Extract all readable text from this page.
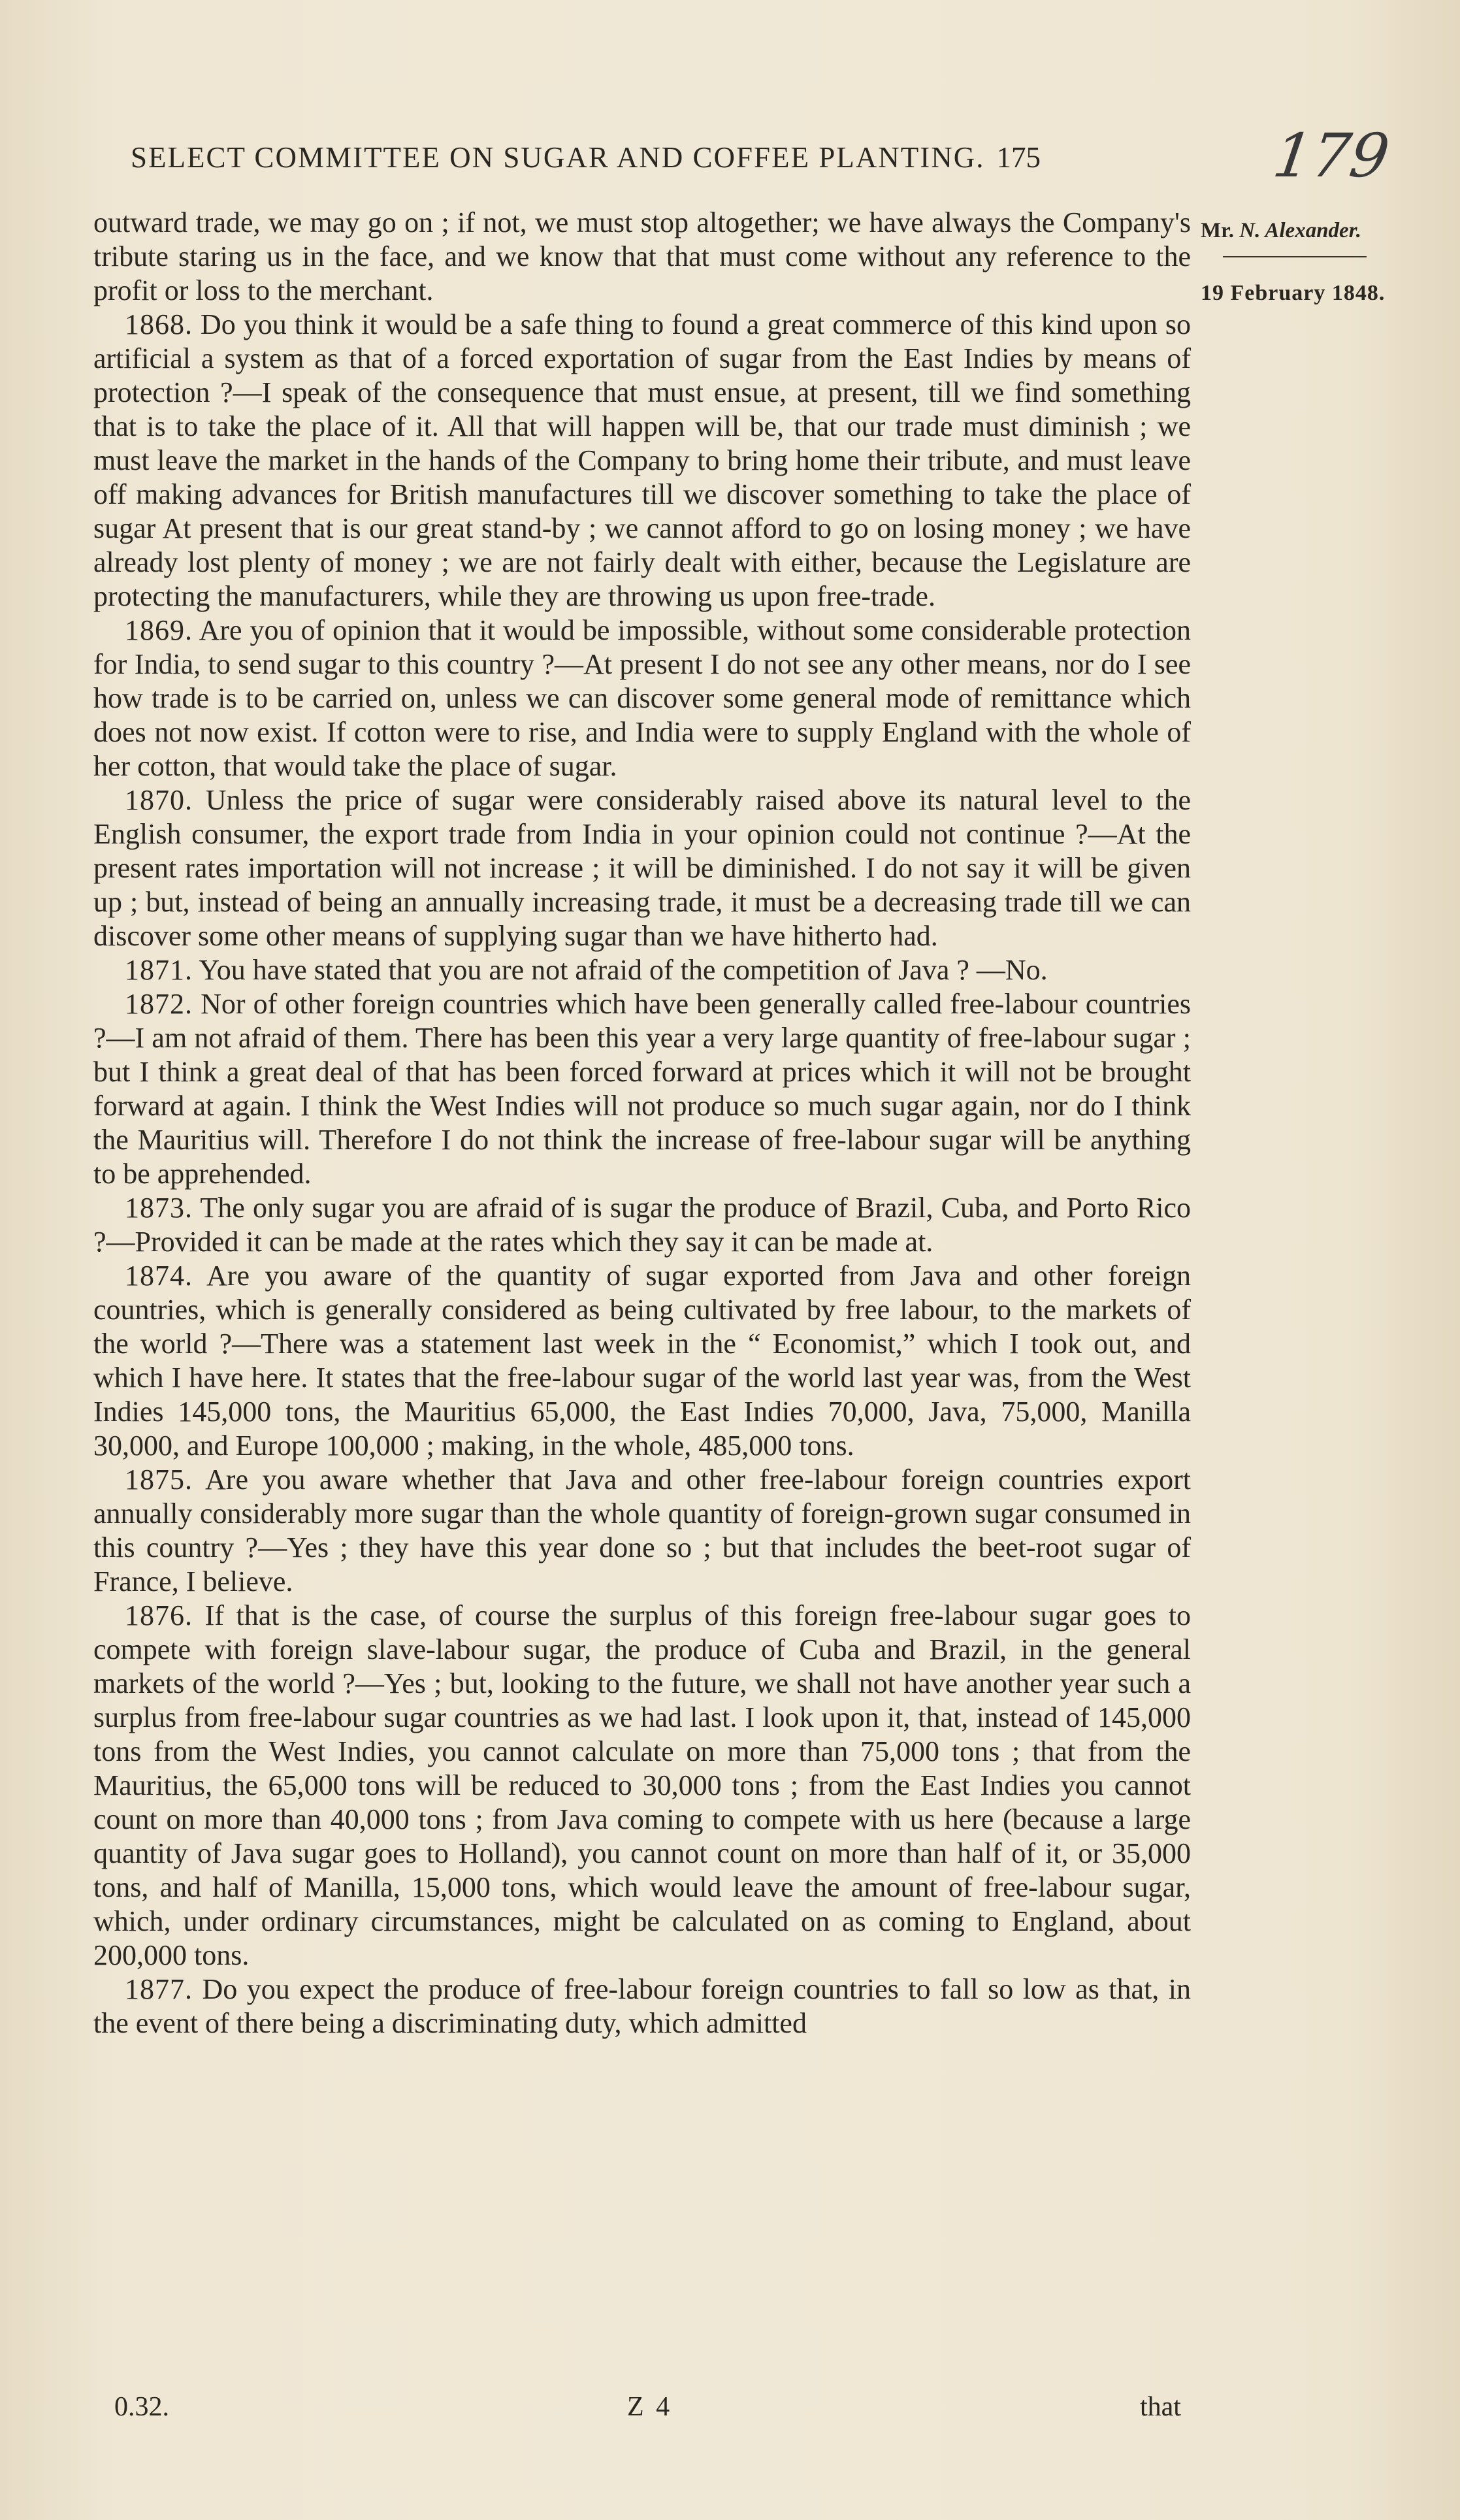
SELECT COMMITTEE ON SUGAR AND COFFEE PLANTING. 175	179
Mr. N. Alexander.
19 February 1848.

outward trade, we may go on ; if not, we must stop altogether; we have always the Company's tribute staring us in the face, and we know that that must come without any reference to the profit or loss to the merchant.

1868. Do you think it would be a safe thing to found a great commerce of this kind upon so artificial a system as that of a forced exportation of sugar from the East Indies by means of protection ?—I speak of the consequence that must ensue, at present, till we find something that is to take the place of it. All that will happen will be, that our trade must diminish ; we must leave the market in the hands of the Company to bring home their tribute, and must leave off making advances for British manufactures till we discover something to take the place of sugar At present that is our great stand-by ; we cannot afford to go on losing money ; we have already lost plenty of money ; we are not fairly dealt with either, because the Legislature are protecting the manufacturers, while they are throwing us upon free-trade.

1869. Are you of opinion that it would be impossible, without some considerable protection for India, to send sugar to this country ?—At present I do not see any other means, nor do I see how trade is to be carried on, unless we can discover some general mode of remittance which does not now exist. If cotton were to rise, and India were to supply England with the whole of her cotton, that would take the place of sugar.

1870. Unless the price of sugar were considerably raised above its natural level to the English consumer, the export trade from India in your opinion could not continue ?—At the present rates importation will not increase ; it will be diminished. I do not say it will be given up ; but, instead of being an annually increasing trade, it must be a decreasing trade till we can discover some other means of supplying sugar than we have hitherto had.

1871. You have stated that you are not afraid of the competition of Java ? —No.

1872. Nor of other foreign countries which have been generally called free-labour countries ?—I am not afraid of them. There has been this year a very large quantity of free-labour sugar ; but I think a great deal of that has been forced forward at prices which it will not be brought forward at again. I think the West Indies will not produce so much sugar again, nor do I think the Mauritius will. Therefore I do not think the increase of free-labour sugar will be anything to be apprehended.

1873. The only sugar you are afraid of is sugar the produce of Brazil, Cuba, and Porto Rico ?—Provided it can be made at the rates which they say it can be made at.

1874. Are you aware of the quantity of sugar exported from Java and other foreign countries, which is generally considered as being cultivated by free labour, to the markets of the world ?—There was a statement last week in the “ Economist,” which I took out, and which I have here. It states that the free-labour sugar of the world last year was, from the West Indies 145,000 tons, the Mauritius 65,000, the East Indies 70,000, Java, 75,000, Manilla 30,000, and Europe 100,000 ; making, in the whole, 485,000 tons.

1875. Are you aware whether that Java and other free-labour foreign countries export annually considerably more sugar than the whole quantity of foreign-grown sugar consumed in this country ?—Yes ; they have this year done so ; but that includes the beet-root sugar of France, I believe.

1876. If that is the case, of course the surplus of this foreign free-labour sugar goes to compete with foreign slave-labour sugar, the produce of Cuba and Brazil, in the general markets of the world ?—Yes ; but, looking to the future, we shall not have another year such a surplus from free-labour sugar countries as we had last. I look upon it, that, instead of 145,000 tons from the West Indies, you cannot calculate on more than 75,000 tons ; that from the Mauritius, the 65,000 tons will be reduced to 30,000 tons ; from the East Indies you cannot count on more than 40,000 tons ; from Java coming to compete with us here (because a large quantity of Java sugar goes to Holland), you cannot count on more than half of it, or 35,000 tons, and half of Manilla, 15,000 tons, which would leave the amount of free-labour sugar, which, under ordinary circumstances, might be calculated on as coming to England, about 200,000 tons.

1877. Do you expect the produce of free-labour foreign countries to fall so low as that, in the event of there being a discriminating duty, which admitted

0.32.	Z 4	that
